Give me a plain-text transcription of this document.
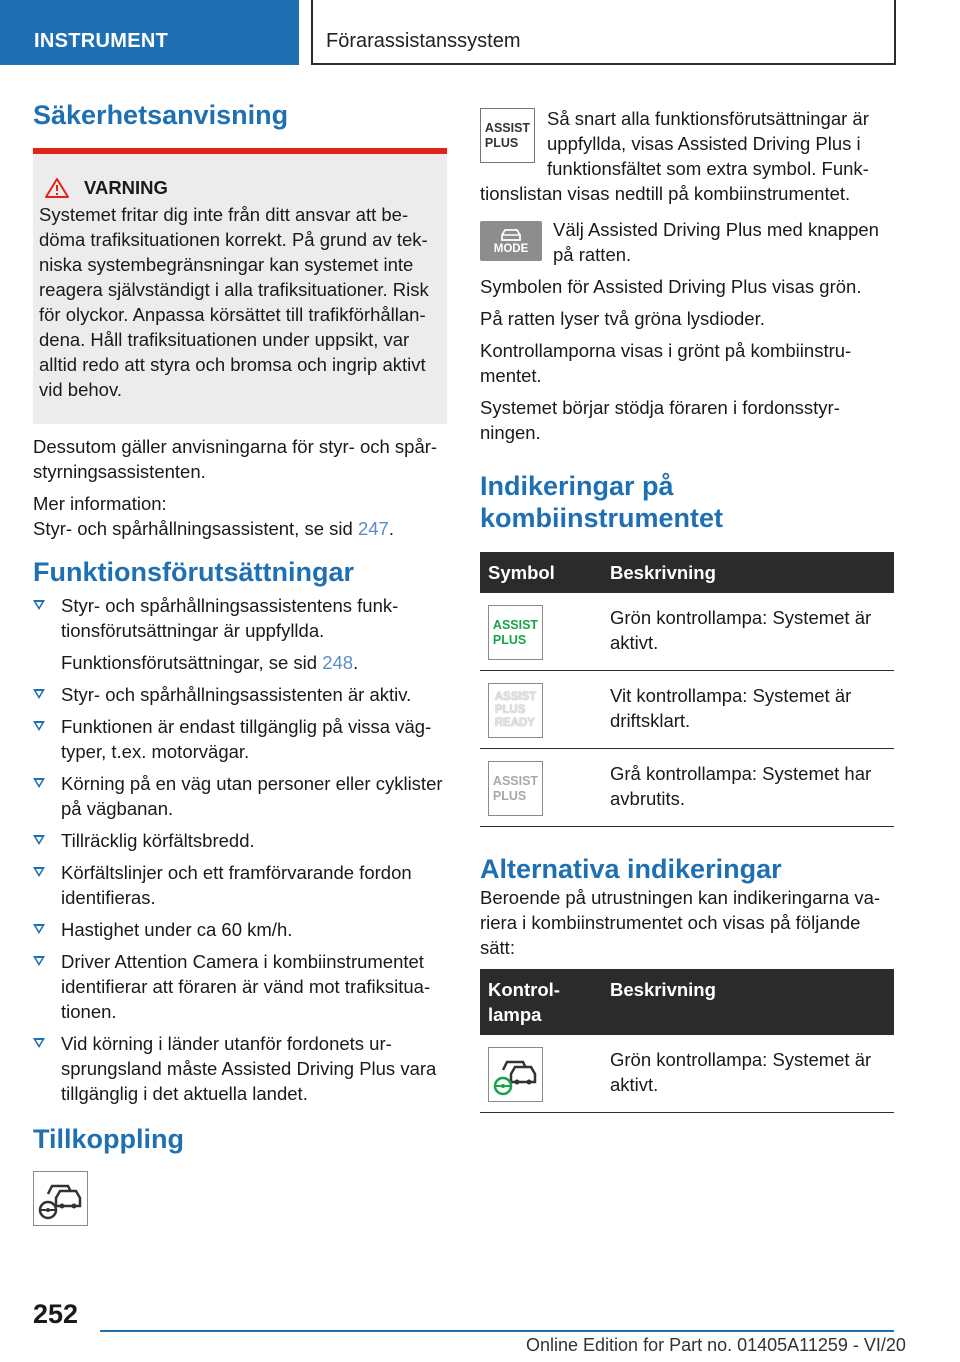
INSTRUMENT	Förarassistanssystem
Säkerhetsanvisning
VARNING

Systemet fritar dig inte från ditt ansvar att bedöma trafiksituationen korrekt. På grund av tekniska systembegränsningar kan systemet inte reagera självständigt i alla trafiksituationer. Risk för olyckor. Anpassa körsättet till trafikförhållandena. Håll trafiksituationen under uppsikt, var alltid redo att styra och bromsa och ingrip aktivt vid behov.

Dessutom gäller anvisningarna för styr- och spårstyrningsassistenten.

Mer information:

Styr- och spårhållningsassistent, se sid 247.

Funktionsförutsättningar
Styr- och spårhållningsassistentens funktionsförutsättningar är uppfyllda.

Funktionsförutsättningar, se sid 248.

Styr- och spårhållningsassistenten är aktiv.
Funktionen är endast tillgänglig på vissa vägtyper, t.ex. motorvägar.
Körning på en väg utan personer eller cyklister på vägbanan.
Tillräcklig körfältsbredd.
Körfältslinjer och ett framförvarande fordon identifieras.
Hastighet under ca 60 km/h.
Driver Attention Camera i kombiinstrumentet identifierar att föraren är vänd mot trafiksituationen.
Vid körning i länder utanför fordonets ursprungsland måste Assisted Driving Plus vara tillgänglig i det aktuella landet.
Tillkoppling
ASSIST
PLUS

Så snart alla funktionsförutsättningar är uppfyllda, visas Assisted Driving Plus i funktionsfältet som extra symbol. Funktionslistan visas nedtill på kombiinstrumentet.

MODE

Välj Assisted Driving Plus med knappen på ratten.

Symbolen för Assisted Driving Plus visas grön.

På ratten lyser två gröna lysdioder.

Kontrollamporna visas i grönt på kombiinstrumentet.

Systemet börjar stödja föraren i fordonsstyrningen.

Indikeringar på kombiinstrumentet
Symbol	Beskrivning

ASSIST
PLUS	Grön kontrollampa: Systemet är aktivt.

ASSIST
PLUS
READY	Vit kontrollampa: Systemet är driftsklart.

ASSIST
PLUS	Grå kontrollampa: Systemet har avbrutits.
Alternativa indikeringar

Beroende på utrustningen kan indikeringarna variera i kombiinstrumentet och visas på följande sätt:

Kontrollampa	Beskrivning

	Grön kontrollampa: Systemet är aktivt.
252
Online Edition for Part no. 01405A11259 - VI/20
